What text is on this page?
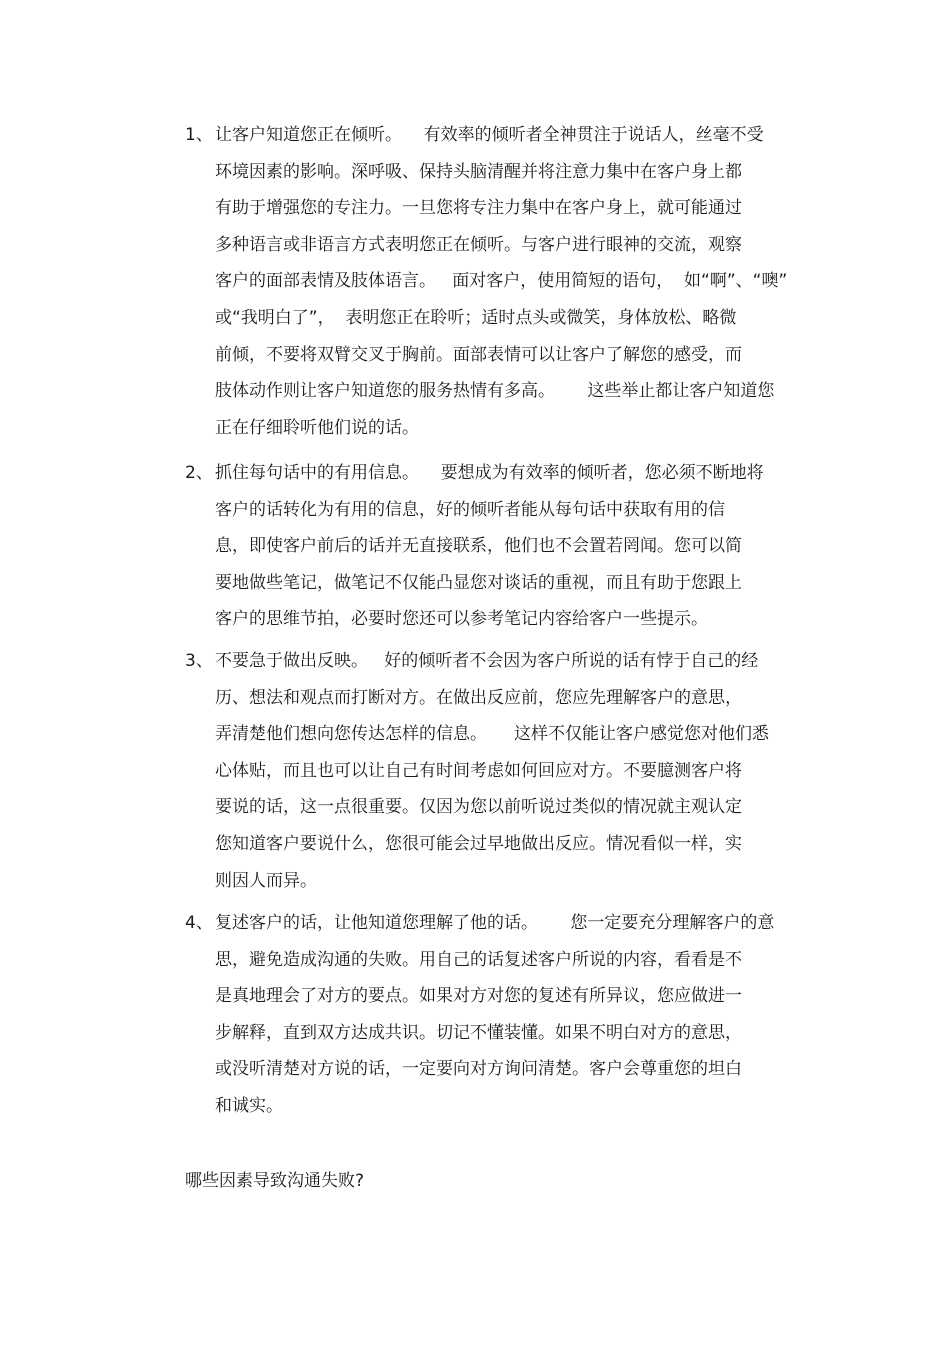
1、 让客户知道您正在倾听。    有效率的倾听者全神贯注于说话人，丝毫不受
环境因素的影响。深呼吸、保持头脑清醒并将注意力集中在客户身上都
有助于增强您的专注力。一旦您将专注力集中在客户身上，就可能通过
多种语言或非语言方式表明您正在倾听。与客户进行眼神的交流，观察
客户的面部表情及肢体语言。   面对客户，使用简短的语句，  如“啊”、“噢”
或“我明白了”，  表明您正在聆听；适时点头或微笑，身体放松、略微
前倾，不要将双臂交叉于胸前。面部表情可以让客户了解您的感受，而
肢体动作则让客户知道您的服务热情有多高。      这些举止都让客户知道您
正在仔细聆听他们说的话。
2、 抓住每句话中的有用信息。    要想成为有效率的倾听者，您必须不断地将
客户的话转化为有用的信息，好的倾听者能从每句话中获取有用的信
息，即使客户前后的话并无直接联系，他们也不会置若罔闻。您可以简
要地做些笔记，做笔记不仅能凸显您对谈话的重视，而且有助于您跟上
客户的思维节拍，必要时您还可以参考笔记内容给客户一些提示。
3、 不要急于做出反映。   好的倾听者不会因为客户所说的话有悖于自己的经
历、想法和观点而打断对方。在做出反应前，您应先理解客户的意思，
弄清楚他们想向您传达怎样的信息。     这样不仅能让客户感觉您对他们悉
心体贴，而且也可以让自己有时间考虑如何回应对方。不要臆测客户将
要说的话，这一点很重要。仅因为您以前听说过类似的情况就主观认定
您知道客户要说什么，您很可能会过早地做出反应。情况看似一样，实
则因人而异。
4、 复述客户的话，让他知道您理解了他的话。      您一定要充分理解客户的意
思，避免造成沟通的失败。用自己的话复述客户所说的内容，看看是不
是真地理会了对方的要点。如果对方对您的复述有所异议，您应做进一
步解释，直到双方达成共识。切记不懂装懂。如果不明白对方的意思，
或没听清楚对方说的话，一定要向对方询问清楚。客户会尊重您的坦白
和诚实。
哪些因素导致沟通失败?
